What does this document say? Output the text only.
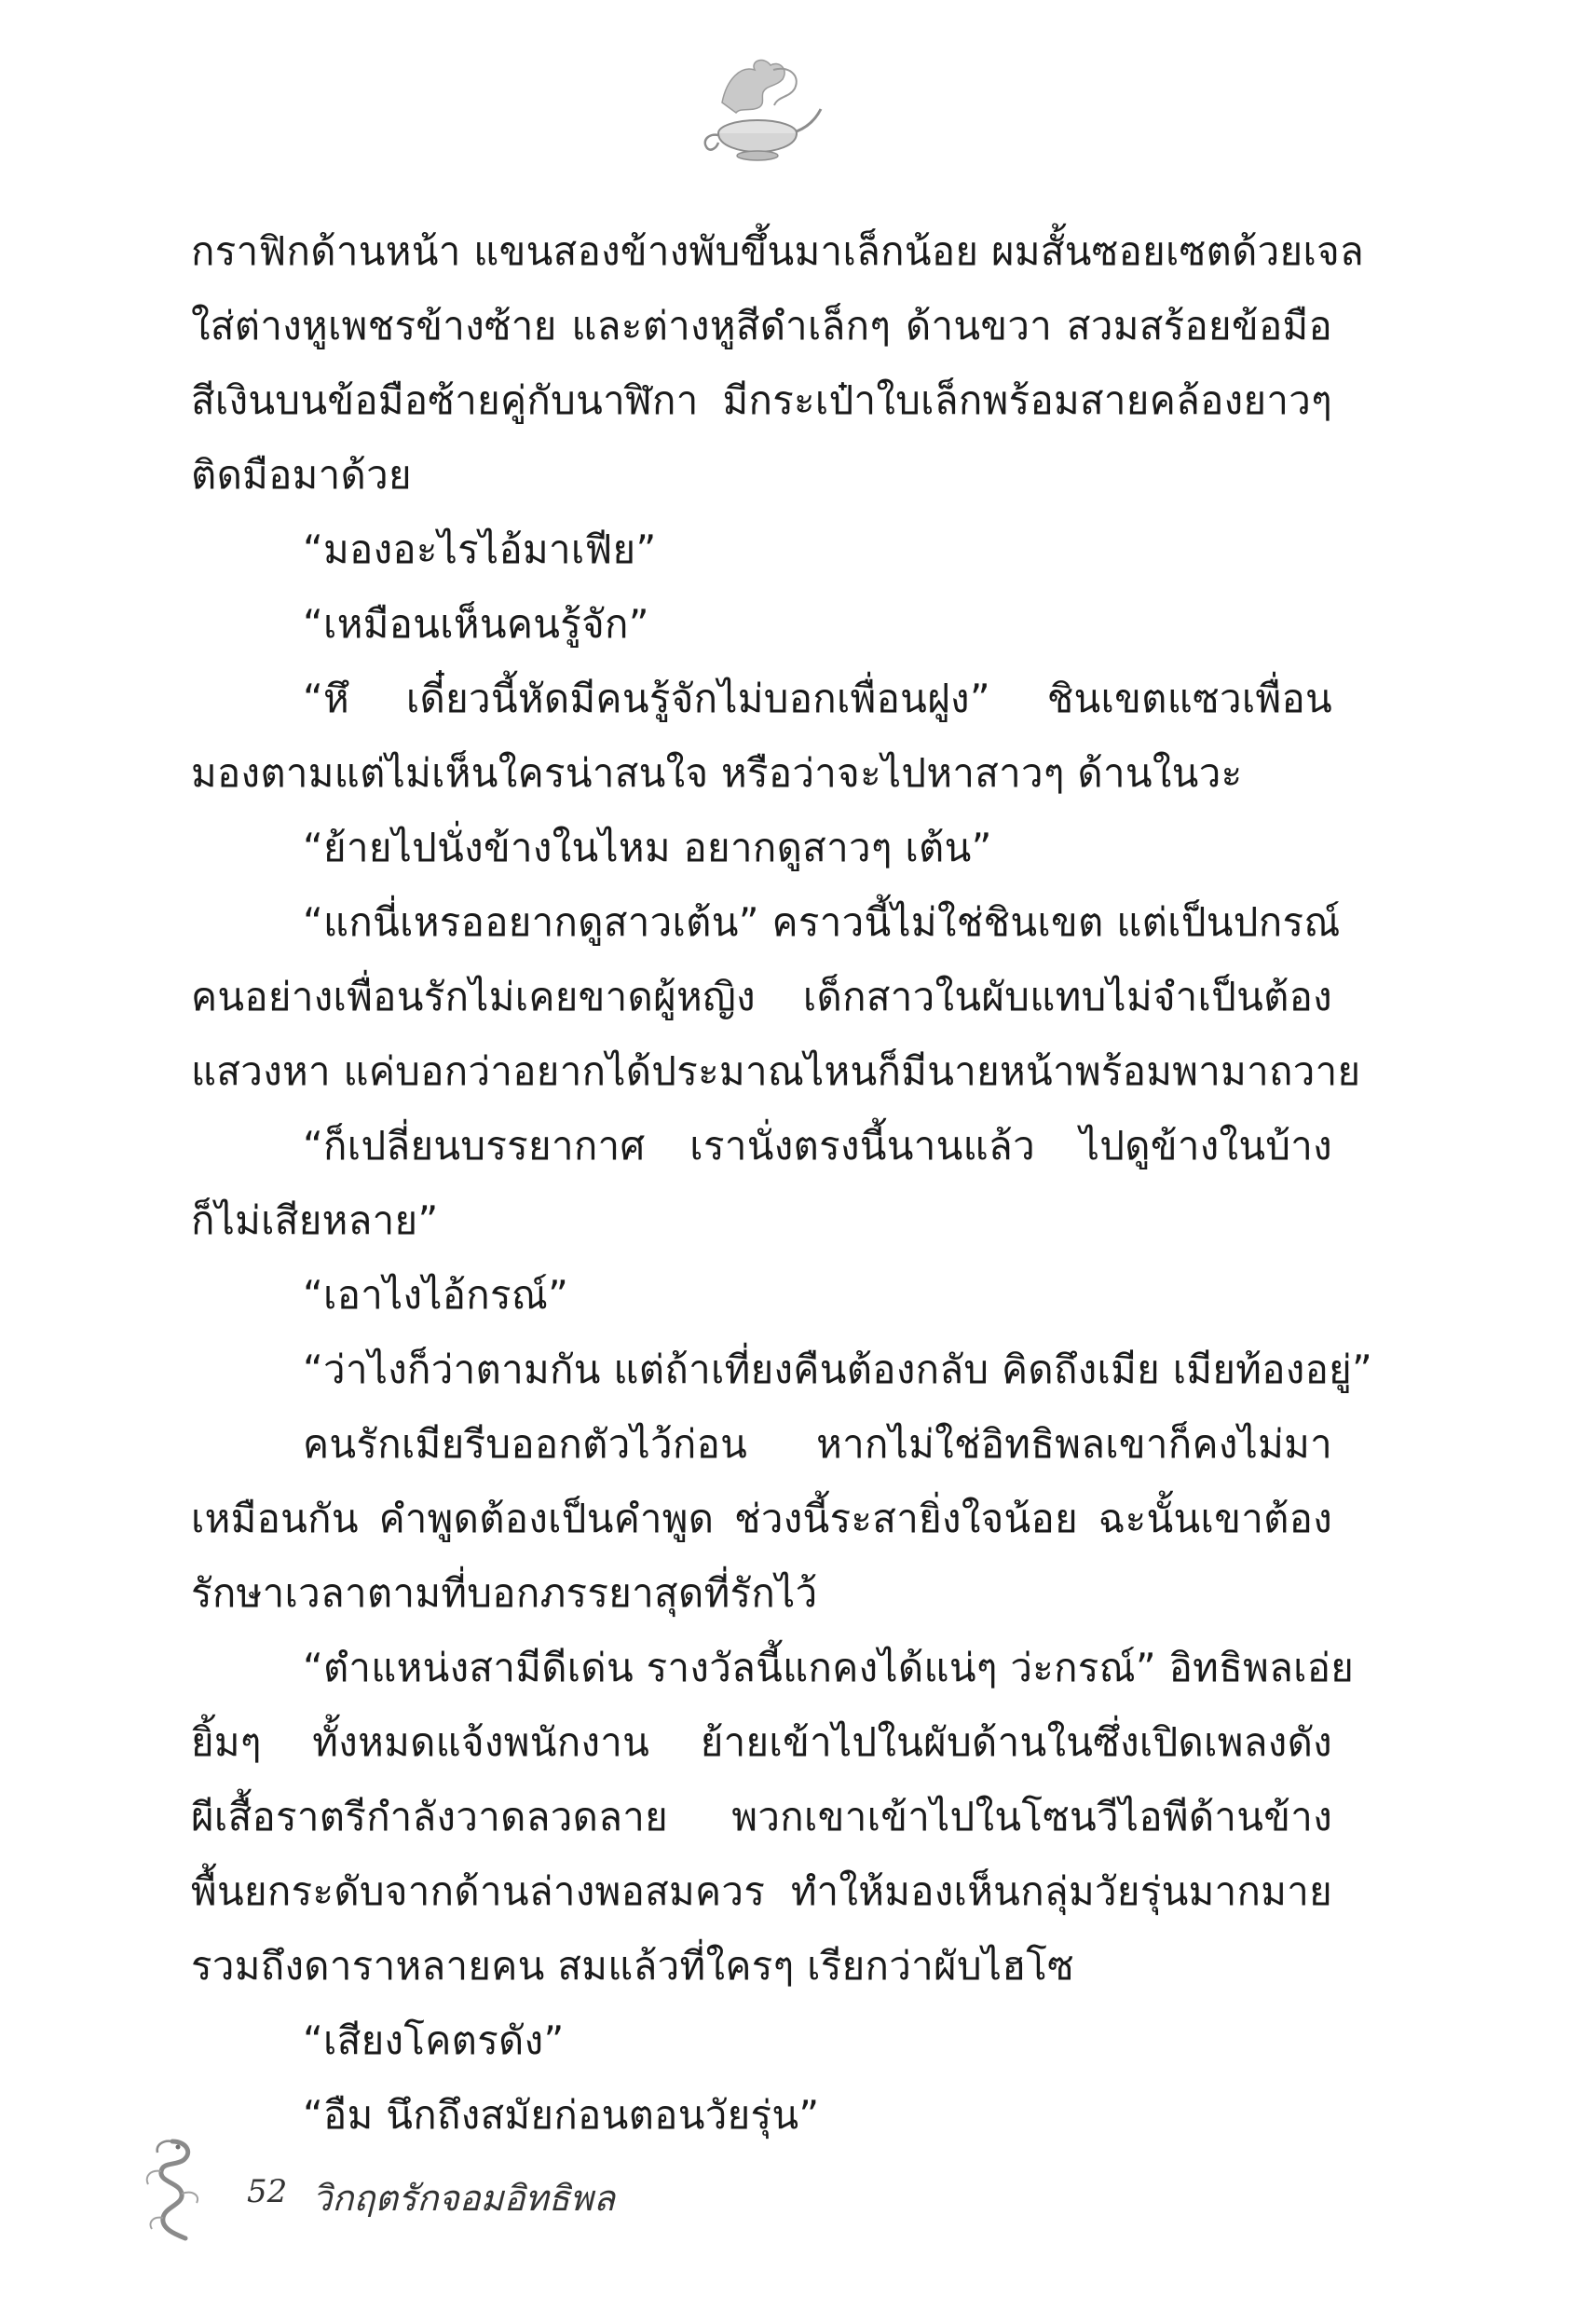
กราฟิกด้านหน้า แขนสองข้างพับขึ้นมาเล็กน้อย ผมสั้นซอยเซตด้วยเจล
ใส่ต่างหูเพชรข้างซ้าย และต่างหูสีดำเล็กๆ ด้านขวา สวมสร้อยข้อมือ
สีเงินบนข้อมือซ้ายคู่กับนาฬิกา มีกระเป๋าใบเล็กพร้อมสายคล้องยาวๆ
ติดมือมาด้วย
“มองอะไรไอ้มาเฟีย”
“เหมือนเห็นคนรู้จัก”
“หึ เดี๋ยวนี้หัดมีคนรู้จักไม่บอกเพื่อนฝูง” ชินเขตแซวเพื่อน
มองตามแต่ไม่เห็นใครน่าสนใจ หรือว่าจะไปหาสาวๆ ด้านในวะ
“ย้ายไปนั่งข้างในไหม อยากดูสาวๆ เต้น”
“แกนี่เหรออยากดูสาวเต้น” คราวนี้ไม่ใช่ชินเขต แต่เป็นปกรณ์
คนอย่างเพื่อนรักไม่เคยขาดผู้หญิง เด็กสาวในผับแทบไม่จำเป็นต้อง
แสวงหา แค่บอกว่าอยากได้ประมาณไหนก็มีนายหน้าพร้อมพามาถวาย
“ก็เปลี่ยนบรรยากาศ เรานั่งตรงนี้นานแล้ว ไปดูข้างในบ้าง
ก็ไม่เสียหลาย”
“เอาไงไอ้กรณ์”
“ว่าไงก็ว่าตามกัน แต่ถ้าเที่ยงคืนต้องกลับ คิดถึงเมีย เมียท้องอยู่”
คนรักเมียรีบออกตัวไว้ก่อน หากไม่ใช่อิทธิพลเขาก็คงไม่มา
เหมือนกัน คำพูดต้องเป็นคำพูด ช่วงนี้ระสายิ่งใจน้อย ฉะนั้นเขาต้อง
รักษาเวลาตามที่บอกภรรยาสุดที่รักไว้
“ตำแหน่งสามีดีเด่น รางวัลนี้แกคงได้แน่ๆ ว่ะกรณ์” อิทธิพลเอ่ย
ยิ้มๆ ทั้งหมดแจ้งพนักงาน ย้ายเข้าไปในผับด้านในซึ่งเปิดเพลงดัง
ผีเสื้อราตรีกำลังวาดลวดลาย พวกเขาเข้าไปในโซนวีไอพีด้านข้าง
พื้นยกระดับจากด้านล่างพอสมควร ทำให้มองเห็นกลุ่มวัยรุ่นมากมาย
รวมถึงดาราหลายคน สมแล้วที่ใครๆ เรียกว่าผับไฮโซ
“เสียงโคตรดัง”
“อืม นึกถึงสมัยก่อนตอนวัยรุ่น”
52 วิกฤตรักจอมอิทธิพล
